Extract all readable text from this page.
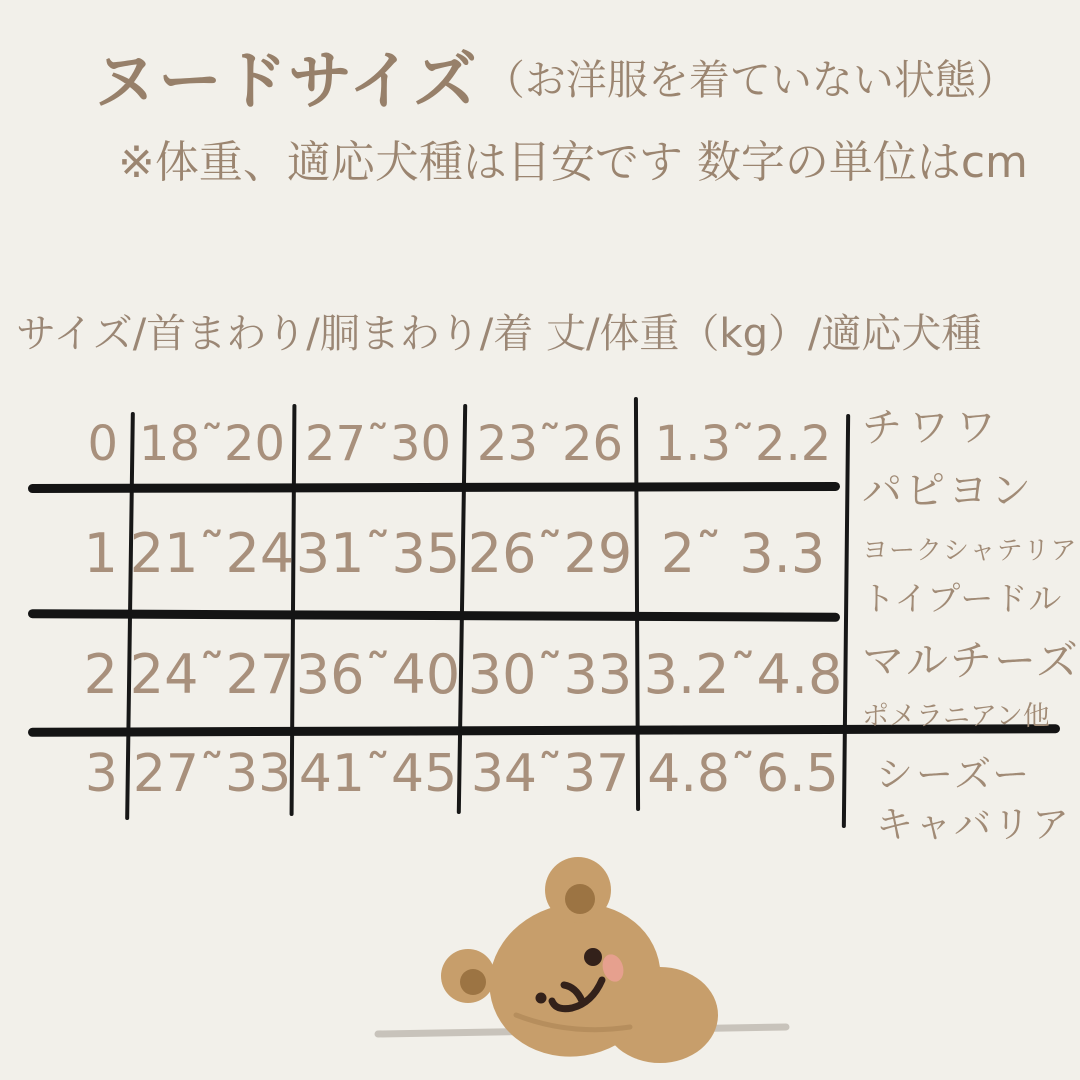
ヌードサイズ （お洋服を着ていない状態）
※体重、適応犬種は目安です 数字の単位はcm
サイズ/首まわり/胴まわり/着 丈/体重（kg）/適応犬種
0 18˜20 27˜30 23˜26 1.3˜2.2
1 21˜24 31˜35 26˜29 2˜ 3.3
2 24˜27 36˜40 30˜33 3.2˜4.8
3 27˜33 41˜45 34˜37 4.8˜6.5
チワワ
パピヨン
ヨークシャテリア
トイプードル
マルチーズ
ポメラニアン他
シーズー
キャバリア
